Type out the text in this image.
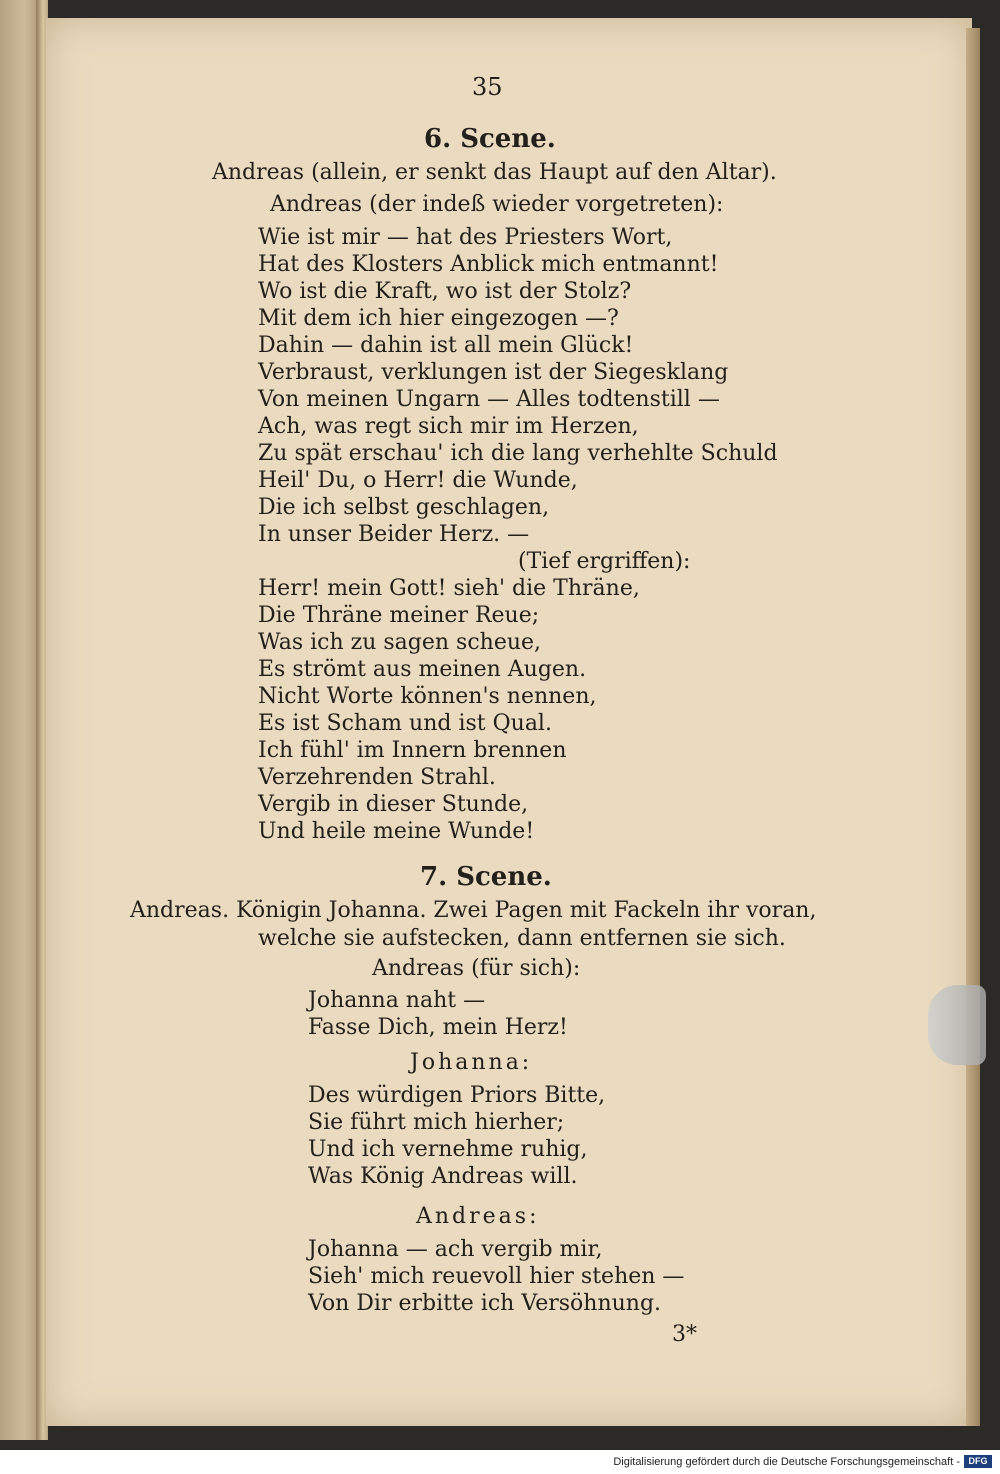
35
6. Scene.
Andreas (allein, er senkt das Haupt auf den Altar).
Andreas (der indeß wieder vorgetreten):
Wie ist mir — hat des Priesters Wort,
Hat des Klosters Anblick mich entmannt!
Wo ist die Kraft, wo ist der Stolz?
Mit dem ich hier eingezogen —?
Dahin — dahin ist all mein Glück!
Verbraust, verklungen ist der Siegesklang
Von meinen Ungarn — Alles todtenstill —
Ach, was regt sich mir im Herzen,
Zu spät erschau' ich die lang verhehlte Schuld
Heil' Du, o Herr! die Wunde,
Die ich selbst geschlagen,
In unser Beider Herz. —
(Tief ergriffen):
Herr! mein Gott! sieh' die Thräne,
Die Thräne meiner Reue;
Was ich zu sagen scheue,
Es strömt aus meinen Augen.
Nicht Worte können's nennen,
Es ist Scham und ist Qual.
Ich fühl' im Innern brennen
Verzehrenden Strahl.
Vergib in dieser Stunde,
Und heile meine Wunde!
7. Scene.
Andreas. Königin Johanna. Zwei Pagen mit Fackeln ihr voran,
welche sie aufstecken, dann entfernen sie sich.
Andreas (für sich):
Johanna naht —
Fasse Dich, mein Herz!
Johanna:
Des würdigen Priors Bitte,
Sie führt mich hierher;
Und ich vernehme ruhig,
Was König Andreas will.
Andreas:
Johanna — ach vergib mir,
Sieh' mich reuevoll hier stehen —
Von Dir erbitte ich Versöhnung.
3*
Digitalisierung gefördert durch die Deutsche Forschungsgemeinschaft - DFG
